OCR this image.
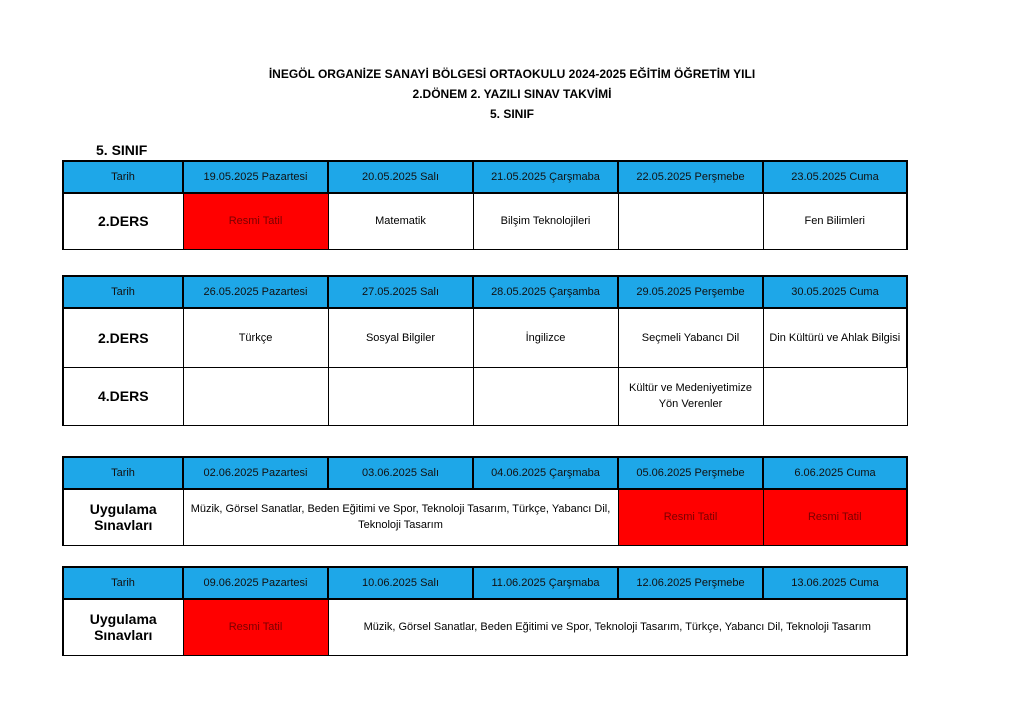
İNEGÖL ORGANİZE SANAYİ BÖLGESİ ORTAOKULU 2024-2025 EĞİTİM ÖĞRETİM YILI
2.DÖNEM 2. YAZILI SINAV TAKVİMİ
5. SINIF
5. SINIF
Tarih	19.05.2025 Pazartesi	20.05.2025 Salı	21.05.2025 Çarşmaba	22.05.2025 Perşmebe	23.05.2025 Cuma
2.DERS	Resmi Tatil	Matematik	Bilşim Teknolojileri		Fen Bilimleri
Tarih	26.05.2025 Pazartesi	27.05.2025 Salı	28.05.2025 Çarşamba	29.05.2025 Perşembe	30.05.2025 Cuma
2.DERS	Türkçe	Sosyal Bilgiler	İngilizce	Seçmeli Yabancı Dil	Din Kültürü ve Ahlak Bilgisi
4.DERS				Kültür ve Medeniyetimize Yön Verenler	
Tarih	02.06.2025 Pazartesi	03.06.2025 Salı	04.06.2025 Çarşmaba	05.06.2025 Perşmebe	6.06.2025 Cuma
Uygulama Sınavları	Müzik, Görsel Sanatlar, Beden Eğitimi ve Spor, Teknoloji Tasarım, Türkçe, Yabancı Dil, Teknoloji Tasarım			Resmi Tatil	Resmi Tatil
Tarih	09.06.2025 Pazartesi	10.06.2025 Salı	11.06.2025 Çarşmaba	12.06.2025 Perşmebe	13.06.2025 Cuma
Uygulama Sınavları	Resmi Tatil	Müzik, Görsel Sanatlar, Beden Eğitimi ve Spor, Teknoloji Tasarım, Türkçe, Yabancı Dil, Teknoloji Tasarım			
